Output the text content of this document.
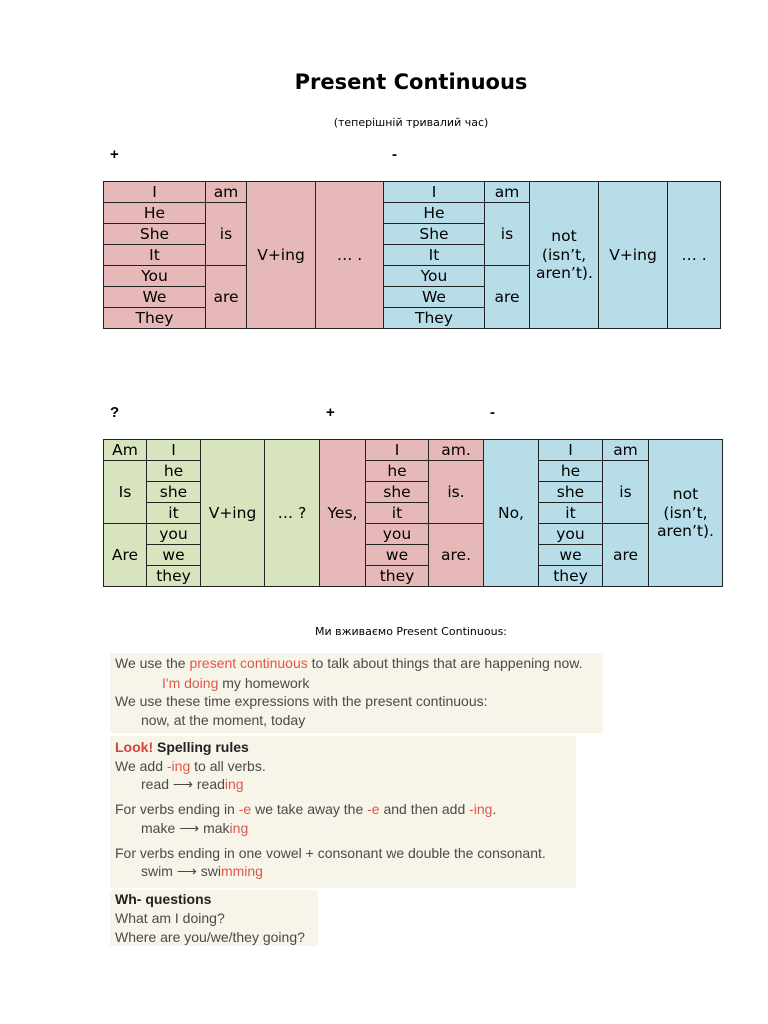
Present Continuous
(теперішній тривалий час)
+	-
I	am	V+ing	… .	I	am	not (isn’t, aren’t).	V+ing	… .
He	is			He	is			
She				She				
It				It				
You	are			You	are			
We				We				
They				They				
?	+	-
Am	I	V+ing	… ?	Yes,	I	am.	No,	I	am	not (isn’t, aren’t).
Is	he				he	is.		he	is	
	she				she			she		
	it				it			it		
Are	you				you	are.		you	are	
	we				we			we		
	they				they			they		
Ми вживаємо Present Continuous:
We use the present continuous to talk about things that are happening now.
I'm doing my homework
We use these time expressions with the present continuous:
now, at the moment, today
Look! Spelling rules
We add -ing to all verbs.
read ⟶ reading
For verbs ending in -e we take away the -e and then add -ing.
make ⟶ making
For verbs ending in one vowel + consonant we double the consonant.
swim ⟶ swimming
Wh- questions
What am I doing?
Where are you/we/they going?
